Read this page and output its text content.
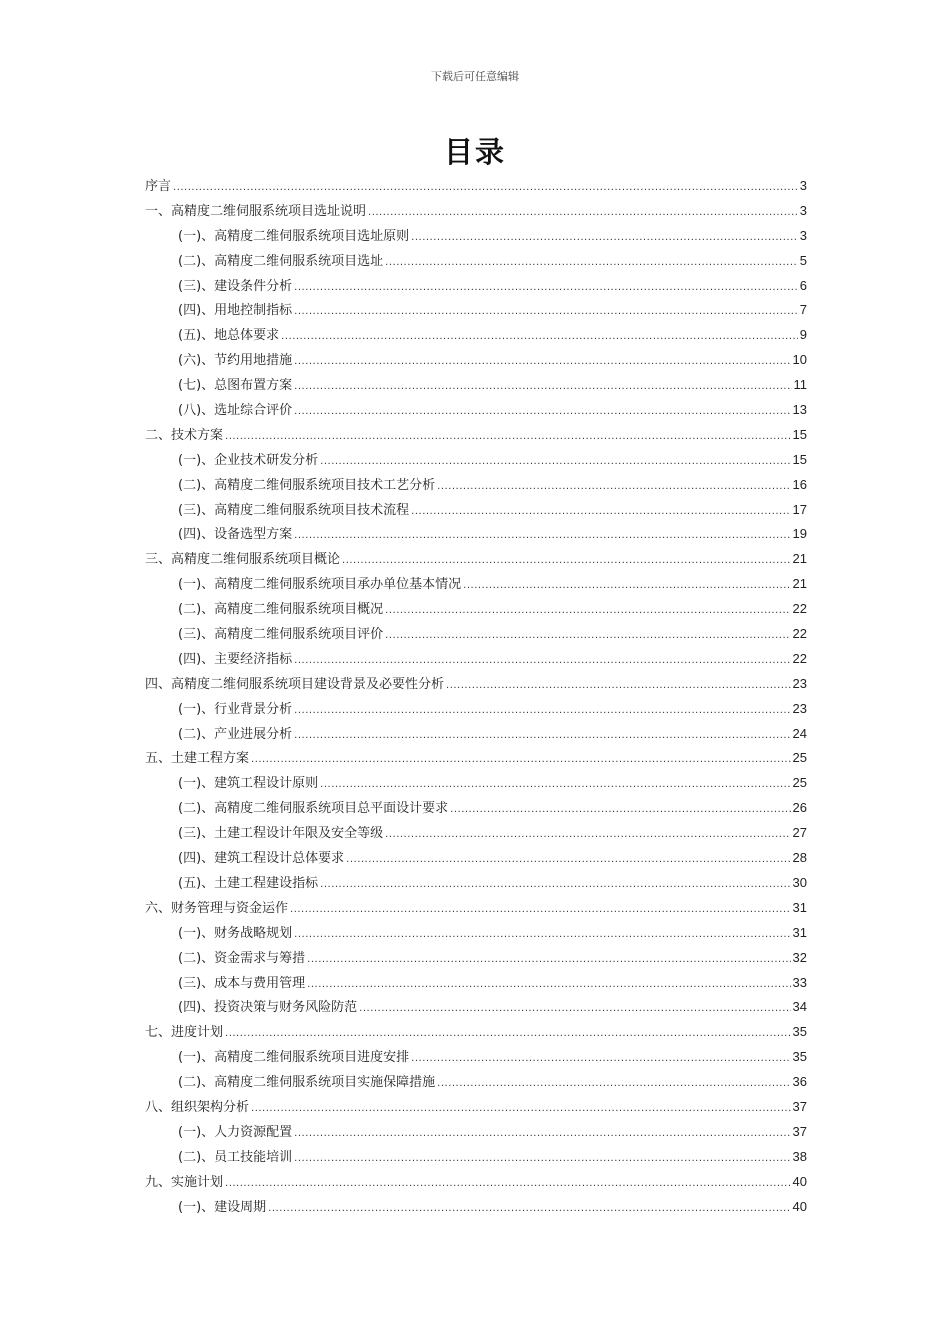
下载后可任意编辑
目录
序言 .....	3
一、高精度二维伺服系统项目选址说明 .....	3
(一)、高精度二维伺服系统项目选址原则 .....	3
(二)、高精度二维伺服系统项目选址 .....	5
(三)、建设条件分析 .....	6
(四)、用地控制指标 .....	7
(五)、地总体要求 .....	9
(六)、节约用地措施 .....	10
(七)、总图布置方案 .....	11
(八)、选址综合评价 .....	13
二、技术方案 .....	15
(一)、企业技术研发分析 .....	15
(二)、高精度二维伺服系统项目技术工艺分析 .....	16
(三)、高精度二维伺服系统项目技术流程 .....	17
(四)、设备选型方案 .....	19
三、高精度二维伺服系统项目概论 .....	21
(一)、高精度二维伺服系统项目承办单位基本情况 .....	21
(二)、高精度二维伺服系统项目概况 .....	22
(三)、高精度二维伺服系统项目评价 .....	22
(四)、主要经济指标 .....	22
四、高精度二维伺服系统项目建设背景及必要性分析 .....	23
(一)、行业背景分析 .....	23
(二)、产业进展分析 .....	24
五、土建工程方案 .....	25
(一)、建筑工程设计原则 .....	25
(二)、高精度二维伺服系统项目总平面设计要求 .....	26
(三)、土建工程设计年限及安全等级 .....	27
(四)、建筑工程设计总体要求 .....	28
(五)、土建工程建设指标 .....	30
六、财务管理与资金运作 .....	31
(一)、财务战略规划 .....	31
(二)、资金需求与筹措 .....	32
(三)、成本与费用管理 .....	33
(四)、投资决策与财务风险防范 .....	34
七、进度计划 .....	35
(一)、高精度二维伺服系统项目进度安排 .....	35
(二)、高精度二维伺服系统项目实施保障措施 .....	36
八、组织架构分析 .....	37
(一)、人力资源配置 .....	37
(二)、员工技能培训 .....	38
九、实施计划 .....	40
(一)、建设周期 .....	40
